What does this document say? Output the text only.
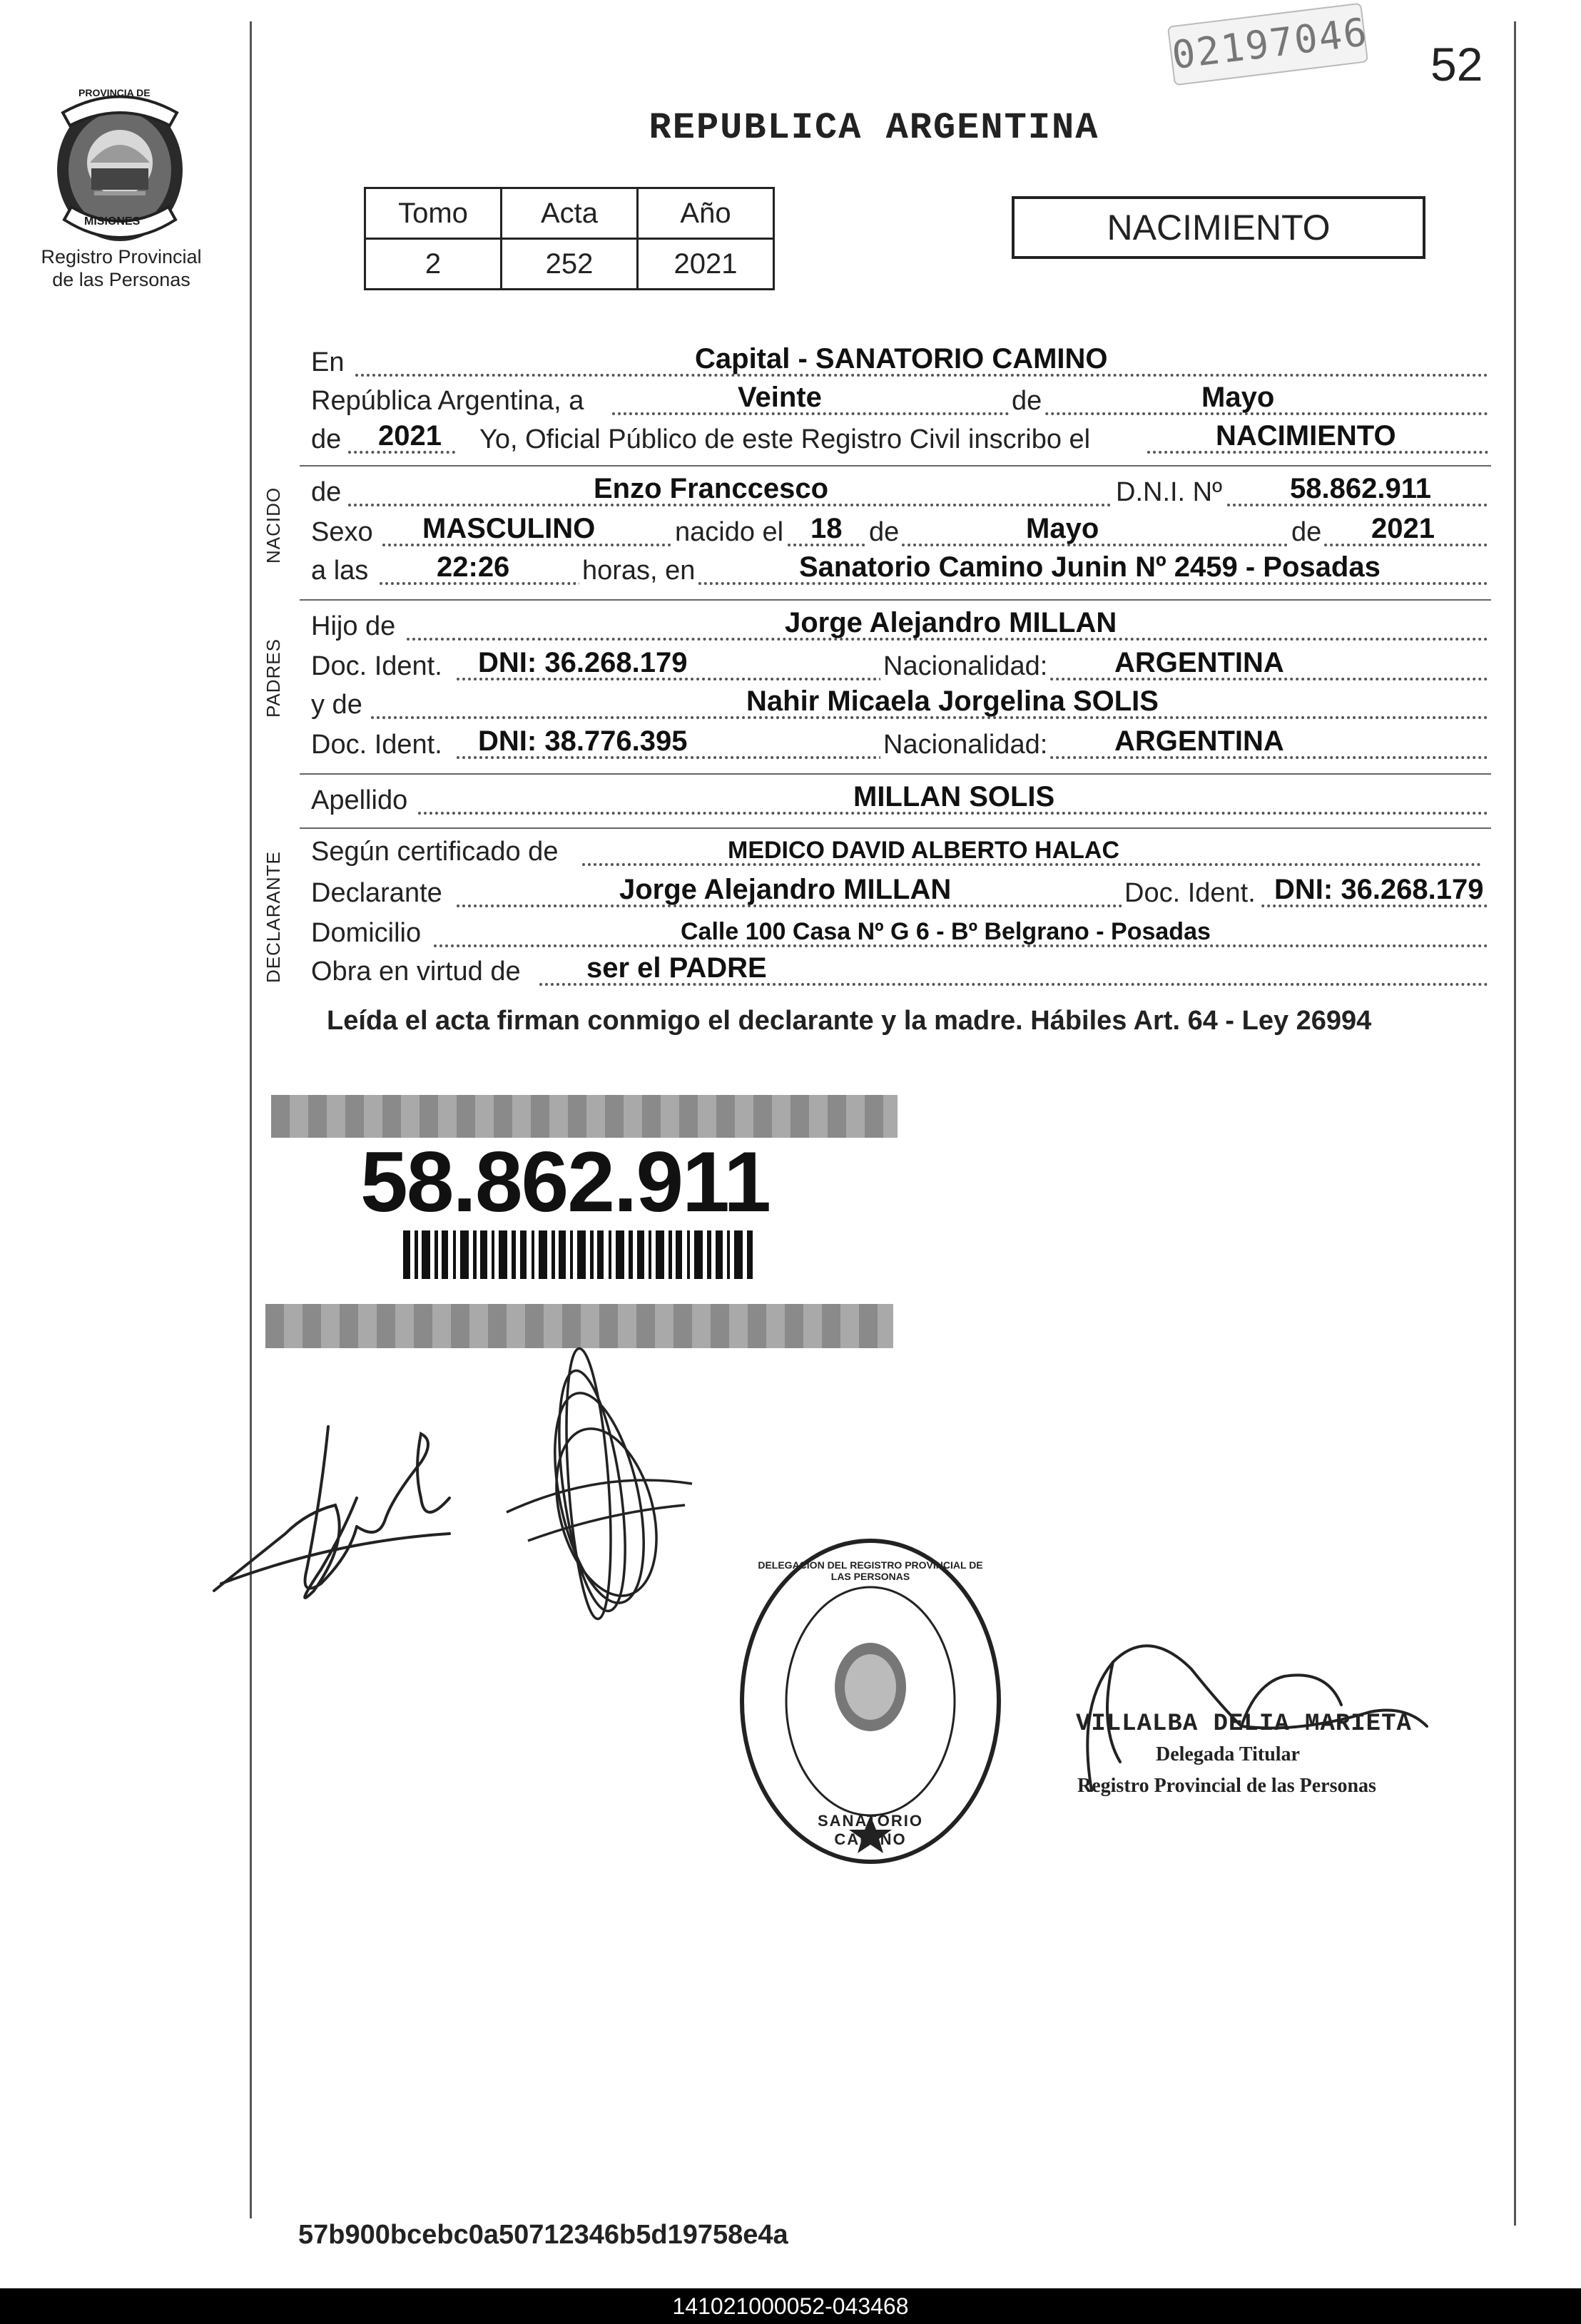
02197046 52
Registro Provincial
de las Personas
PROVINCIA DE
MISIONES
REPUBLICA ARGENTINA
Tomo	Acta	Año
2	252	2021
NACIMIENTO
En	Capital - SANATORIO CAMINO
República Argentina, a	Veinte	de	Mayo
de 2021 Yo, Oficial Público de este Registro Civil inscribo el	NACIMIENTO
NACIDO de	Enzo Franccesco	D.N.I. Nº 58.862.911
Sexo MASCULINO	nacido el 18 de	Mayo	de 2021
a las 22:26	horas, en	Sanatorio Camino Junin Nº 2459 - Posadas
PADRES
Hijo de	Jorge Alejandro MILLAN
Doc. Ident. DNI: 36.268.179	Nacionalidad: ARGENTINA
y de	Nahir Micaela Jorgelina SOLIS
Doc. Ident. DNI: 38.776.395	Nacionalidad: ARGENTINA
Apellido	MILLAN SOLIS
DECLARANTE Según certificado de	MEDICO DAVID ALBERTO HALAC
Declarante	Jorge Alejandro MILLAN	Doc. Ident. DNI: 36.268.179
Domicilio	Calle 100 Casa Nº G 6 - Bº Belgrano - Posadas
Obra en virtud de ser el PADRE
Leída el acta firman conmigo el declarante y la madre. Hábiles Art. 64 - Ley 26994
58.862.911
DELEGACION DEL REGISTRO PROVINCIAL DE LAS PERSONAS
SANATORIO CAMINO
VILLALBA DELIA MARIETA
Delegada Titular
Registro Provincial de las Personas
57b900bcebc0a50712346b5d19758e4a
141021000052-043468
